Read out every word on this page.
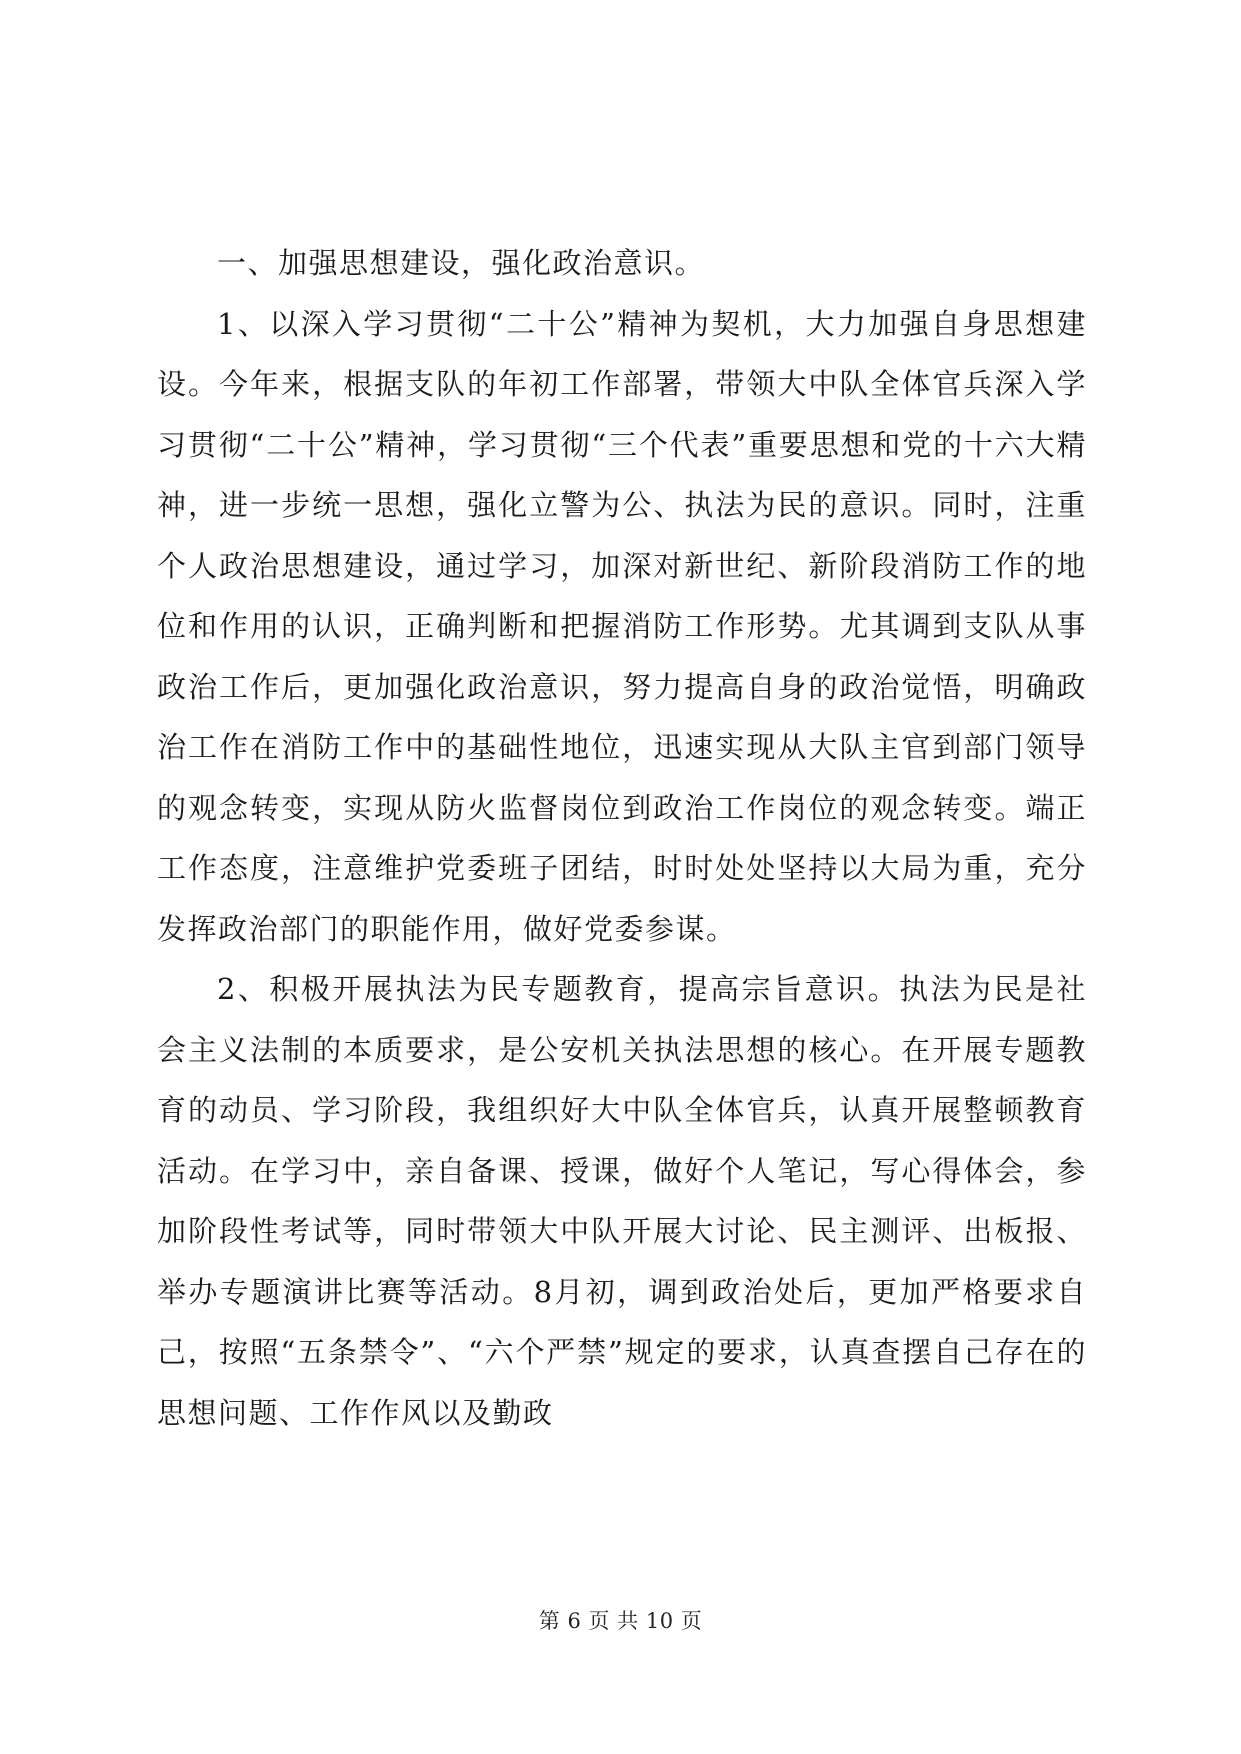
一、加强思想建设，强化政治意识。

1、以深入学习贯彻“二十公”精神为契机，大力加强自身思想建设。今年来，根据支队的年初工作部署，带领大中队全体官兵深入学习贯彻“二十公”精神，学习贯彻“三个代表”重要思想和党的十六大精神，进一步统一思想，强化立警为公、执法为民的意识。同时，注重个人政治思想建设，通过学习，加深对新世纪、新阶段消防工作的地位和作用的认识，正确判断和把握消防工作形势。尤其调到支队从事政治工作后，更加强化政治意识，努力提高自身的政治觉悟，明确政治工作在消防工作中的基础性地位，迅速实现从大队主官到部门领导的观念转变，实现从防火监督岗位到政治工作岗位的观念转变。端正工作态度，注意维护党委班子团结，时时处处坚持以大局为重，充分发挥政治部门的职能作用，做好党委参谋。

2、积极开展执法为民专题教育，提高宗旨意识。执法为民是社会主义法制的本质要求，是公安机关执法思想的核心。在开展专题教育的动员、学习阶段，我组织好大中队全体官兵，认真开展整顿教育活动。在学习中，亲自备课、授课，做好个人笔记，写心得体会，参加阶段性考试等，同时带领大中队开展大讨论、民主测评、出板报、举办专题演讲比赛等活动。8月初，调到政治处后，更加严格要求自己，按照“五条禁令”、“六个严禁”规定的要求，认真查摆自己存在的思想问题、工作作风以及勤政

第 6 页 共 10 页
